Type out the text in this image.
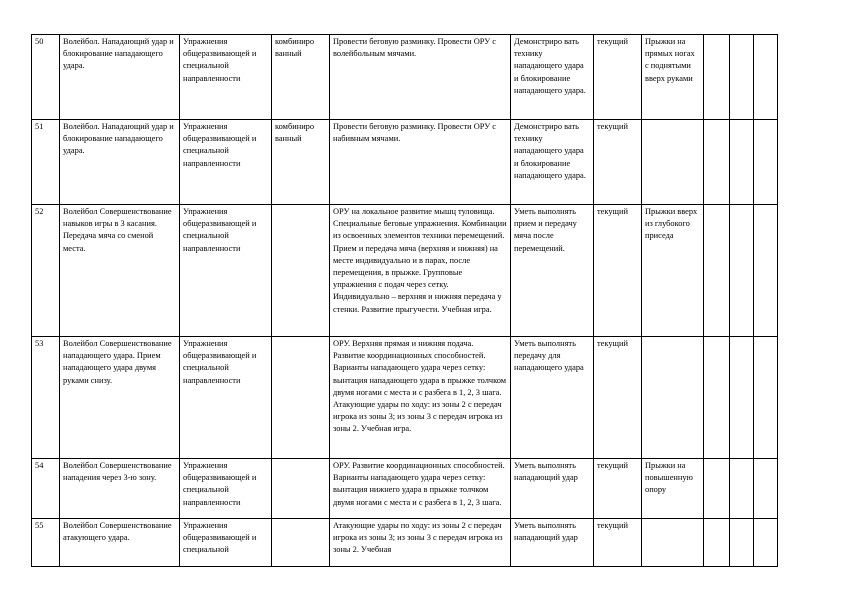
50	Волейбол. Нападающий удар и блокирование нападающего удара.	Упражнения общеразвивающей и специальной направленности	комбиниро ванный	Провести беговую разминку. Провести ОРУ с волейбольным мячами.	Демонстриро вать технику нападающего удара и блокирование нападающего удара.	текущий	Прыжки на прямых ногах с поднятыми вверх руками			
51	Волейбол. Нападающий удар и блокирование нападающего удара.	Упражнения общеразвивающей и специальной направленности	комбиниро ванный	Провести беговую разминку. Провести ОРУ с набивным мячами.	Демонстриро вать технику нападающего удара и блокирование нападающего удара.	текущий				
52	Волейбол Совершенствование навыков игры в 3 касания. Передача мяча со сменой места.	Упражнения общеразвивающей и специальной направленности		ОРУ на локальное развитие мышц туловища. Специальные беговые упражнения. Комбинации из освоенных элементов техники перемещений. Прием и передача мяча (верхняя и нижняя) на месте индивидуально и в парах, после перемещения, в прыжке. Групповые упражнения с подач через сетку. Индивидуально – верхняя и нижняя передача у стенки. Развитие прыгучести. Учебная игра.	Уметь выполнять прием и передачу мяча после перемещений.	текущий	Прыжки вверх из глубокого приседа			
53	Волейбол Совершенствование нападающего удара. Прием нападающего удара двумя руками снизу.	Упражнения общеразвивающей и специальной направленности		ОРУ. Верхняя прямая и нижняя подача. Развитие координационных способностей. Варианты нападающего удара через сетку: вынтация нападающего удара в прыжке толчком двумя ногами с места и с разбега в 1, 2, 3 шага. Атакующие удары по ходу: из зоны 2 с передач игрока из зоны 3; из зоны 3 с передач игрока из зоны 2. Учебная игра.	Уметь выполнять передачу для нападающего удара	текущий				
54	Волейбол Совершенствование нападения через 3-ю зону.	Упражнения общеразвивающей и специальной направленности		ОРУ. Развитие координационных способностей. Варианты нападающего удара через сетку: вынтация нижнего удара в прыжке толчком двумя ногами с места и с разбега в 1, 2, 3 шага.	Уметь выполнять нападающий удар	текущий	Прыжки на повышенную опору			
55	Волейбол Совершенствование атакующего удара.	Упражнения общеразвивающей и специальной		Атакующие удары по ходу: из зоны 2 с передач игрока из зоны 3; из зоны 3 с передач игрока из зоны 2. Учебная	Уметь выполнять нападающий удар	текущий				
